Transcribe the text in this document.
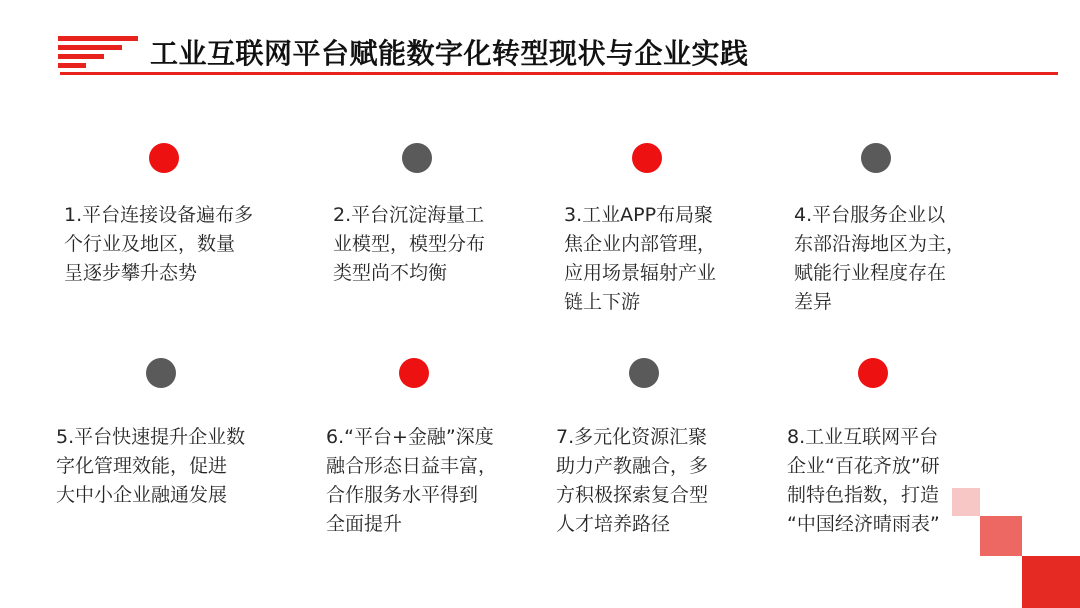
工业互联网平台赋能数字化转型现状与企业实践
1.平台连接设备遍布多
个行业及地区，数量
呈逐步攀升态势
2.平台沉淀海量工
业模型，模型分布
类型尚不均衡
3.工业APP布局聚
焦企业内部管理，
应用场景辐射产业
链上下游
4.平台服务企业以
东部沿海地区为主，
赋能行业程度存在
差异
5.平台快速提升企业数
字化管理效能，促进
大中小企业融通发展
6.“平台+金融”深度
融合形态日益丰富，
合作服务水平得到
全面提升
7.多元化资源汇聚
助力产教融合，多
方积极探索复合型
人才培养路径
8.工业互联网平台
企业“百花齐放”研
制特色指数，打造
“中国经济晴雨表”
